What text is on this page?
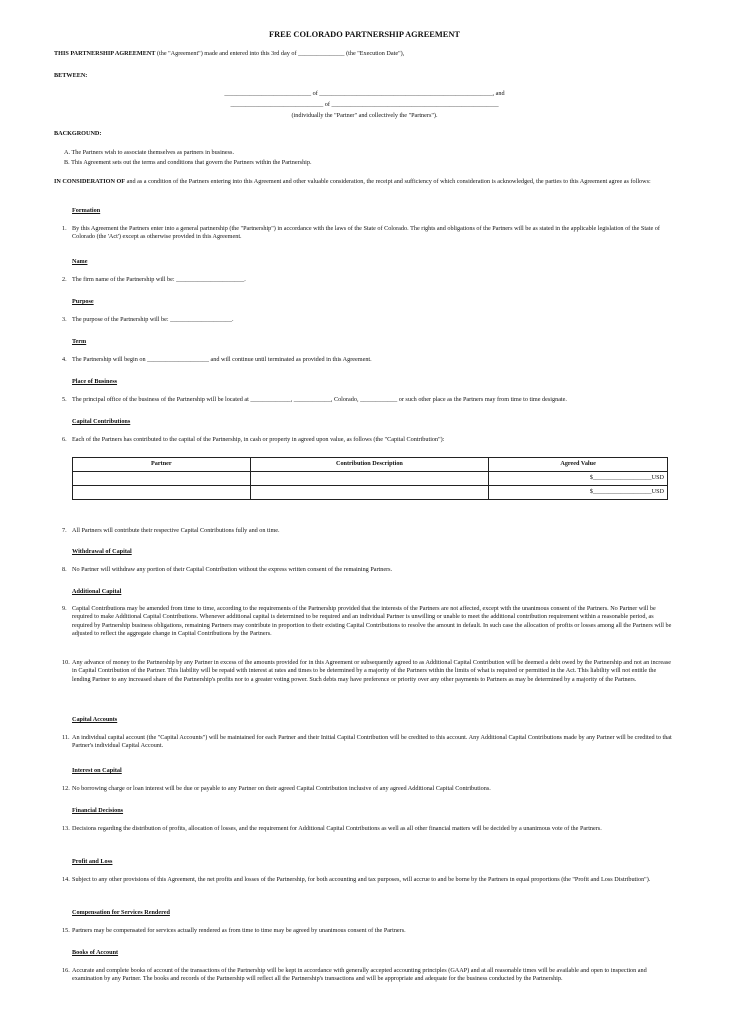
FREE COLORADO PARTNERSHIP AGREEMENT
THIS PARTNERSHIP AGREEMENT (the "Agreement") made and entered into this 3rd day of _______________ (the "Execution Date"),
BETWEEN:
____________________________ of ________________________________________________________, and
______________________________ of ______________________________________________________
(individually the "Partner" and collectively the "Partners").
BACKGROUND:
A. The Partners wish to associate themselves as partners in business.
B. This Agreement sets out the terms and conditions that govern the Partners within the Partnership.
IN CONSIDERATION OF and as a condition of the Partners entering into this Agreement and other valuable consideration, the receipt and sufficiency of which consideration is acknowledged, the parties to this Agreement agree as follows:
Formation
1. By this Agreement the Partners enter into a general partnership (the "Partnership") in accordance with the laws of the State of Colorado. The rights and obligations of the Partners will be as stated in the applicable legislation of the State of Colorado (the 'Act') except as otherwise provided in this Agreement.
Name
2. The firm name of the Partnership will be: ______________________.
Purpose
3. The purpose of the Partnership will be: ____________________.
Term
4. The Partnership will begin on ____________________ and will continue until terminated as provided in this Agreement.
Place of Business
5. The principal office of the business of the Partnership will be located at _____________, ____________, Colorado, ____________ or such other place as the Partners may from time to time designate.
Capital Contributions
6. Each of the Partners has contributed to the capital of the Partnership, in cash or property in agreed upon value, as follows (the "Capital Contribution"):
Partner	Contribution Description	Agreed Value
		$___________________USD
		$___________________USD
7. All Partners will contribute their respective Capital Contributions fully and on time.
Withdrawal of Capital
8. No Partner will withdraw any portion of their Capital Contribution without the express written consent of the remaining Partners.
Additional Capital
9. Capital Contributions may be amended from time to time, according to the requirements of the Partnership provided that the interests of the Partners are not affected, except with the unanimous consent of the Partners. No Partner will be required to make Additional Capital Contributions. Whenever additional capital is determined to be required and an individual Partner is unwilling or unable to meet the additional contribution requirement within a reasonable period, as required by Partnership business obligations, remaining Partners may contribute in proportion to their existing Capital Contributions to resolve the amount in default. In such case the allocation of profits or losses among all the Partners will be adjusted to reflect the aggregate change in Capital Contributions by the Partners.
10. Any advance of money to the Partnership by any Partner in excess of the amounts provided for in this Agreement or subsequently agreed to as Additional Capital Contribution will be deemed a debt owed by the Partnership and not an increase in Capital Contribution of the Partner. This liability will be repaid with interest at rates and times to be determined by a majority of the Partners within the limits of what is required or permitted in the Act. This liability will not entitle the lending Partner to any increased share of the Partnership's profits nor to a greater voting power. Such debts may have preference or priority over any other payments to Partners as may be determined by a majority of the Partners.
Capital Accounts
11. An individual capital account (the "Capital Accounts") will be maintained for each Partner and their Initial Capital Contribution will be credited to this account. Any Additional Capital Contributions made by any Partner will be credited to that Partner's individual Capital Account.
Interest on Capital
12. No borrowing charge or loan interest will be due or payable to any Partner on their agreed Capital Contribution inclusive of any agreed Additional Capital Contributions.
Financial Decisions
13. Decisions regarding the distribution of profits, allocation of losses, and the requirement for Additional Capital Contributions as well as all other financial matters will be decided by a unanimous vote of the Partners.
Profit and Loss
14. Subject to any other provisions of this Agreement, the net profits and losses of the Partnership, for both accounting and tax purposes, will accrue to and be borne by the Partners in equal proportions (the "Profit and Loss Distribution").
Compensation for Services Rendered
15. Partners may be compensated for services actually rendered as from time to time may be agreed by unanimous consent of the Partners.
Books of Account
16. Accurate and complete books of account of the transactions of the Partnership will be kept in accordance with generally accepted accounting principles (GAAP) and at all reasonable times will be available and open to inspection and examination by any Partner. The books and records of the Partnership will reflect all the Partnership's transactions and will be appropriate and adequate for the business conducted by the Partnership.
